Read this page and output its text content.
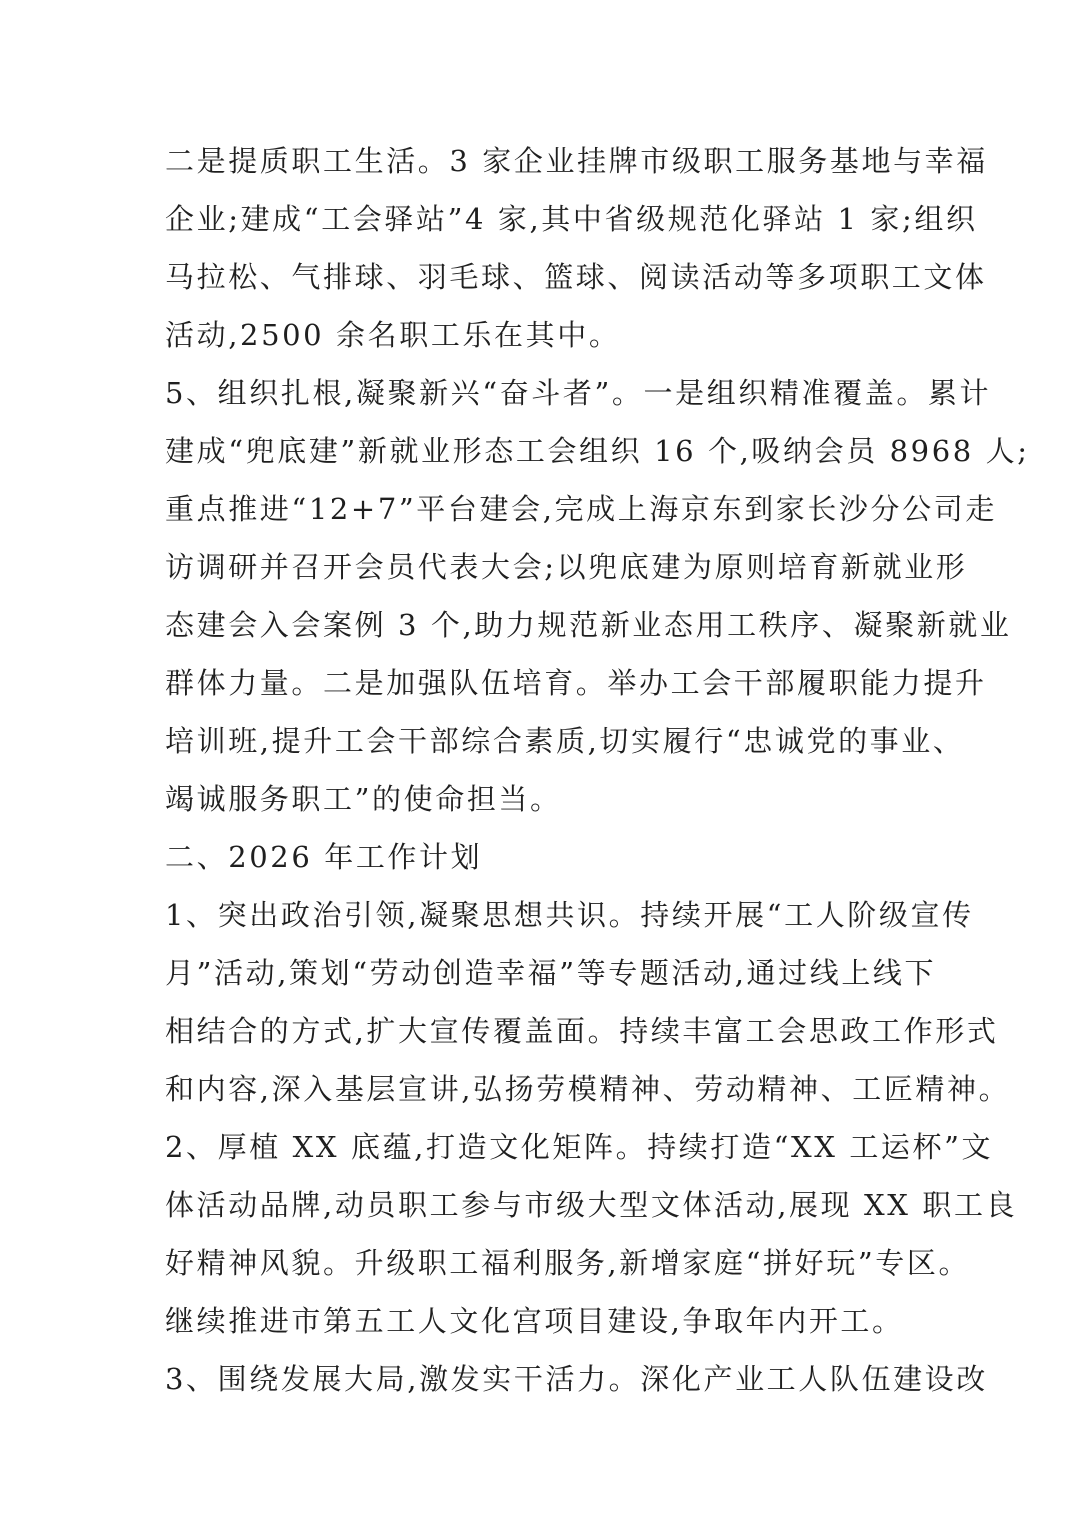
二是提质职工生活。3 家企业挂牌市级职工服务基地与幸福
企业;建成“工会驿站”4 家,其中省级规范化驿站 1 家;组织
马拉松、气排球、羽毛球、篮球、阅读活动等多项职工文体
活动,2500 余名职工乐在其中。
5、组织扎根,凝聚新兴“奋斗者”。一是组织精准覆盖。累计
建成“兜底建”新就业形态工会组织 16 个,吸纳会员 8968 人;
重点推进“12+7”平台建会,完成上海京东到家长沙分公司走
访调研并召开会员代表大会;以兜底建为原则培育新就业形
态建会入会案例 3 个,助力规范新业态用工秩序、凝聚新就业
群体力量。二是加强队伍培育。举办工会干部履职能力提升
培训班,提升工会干部综合素质,切实履行“忠诚党的事业、
竭诚服务职工”的使命担当。
二、2026 年工作计划
1、突出政治引领,凝聚思想共识。持续开展“工人阶级宣传
月”活动,策划“劳动创造幸福”等专题活动,通过线上线下
相结合的方式,扩大宣传覆盖面。持续丰富工会思政工作形式
和内容,深入基层宣讲,弘扬劳模精神、劳动精神、工匠精神。
2、厚植 XX 底蕴,打造文化矩阵。持续打造“XX 工运杯”文
体活动品牌,动员职工参与市级大型文体活动,展现 XX 职工良
好精神风貌。升级职工福利服务,新增家庭“拼好玩”专区。
继续推进市第五工人文化宫项目建设,争取年内开工。
3、围绕发展大局,激发实干活力。深化产业工人队伍建设改
